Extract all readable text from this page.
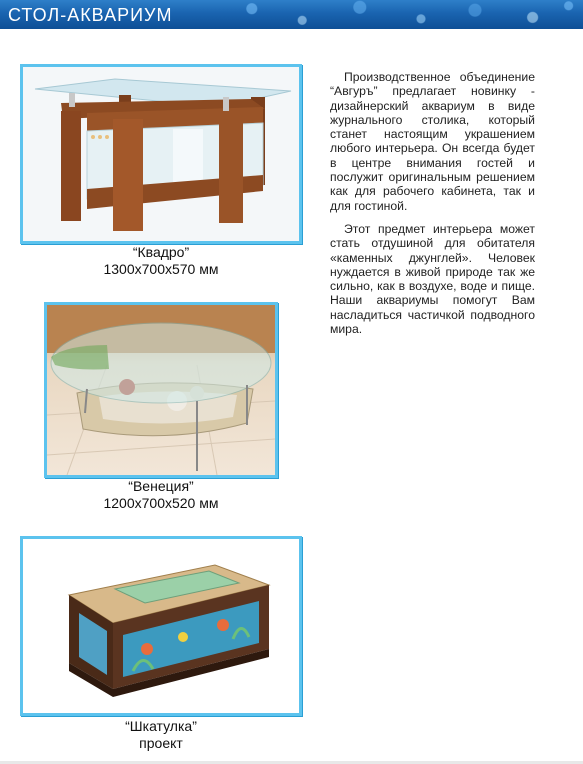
СТОЛ-АКВАРИУМ
“Квадро”
1300х700х570 мм
“Венеция”
1200х700х520 мм
“Шкатулка”
проект

Производственное объединение “Авгуръ” предлагает новинку - дизайнерский аквариум в виде журнального столика, который станет настоящим украшением любого интерьера. Он всегда будет в центре внимания гостей и послужит оригинальным решением как для рабочего кабинета, так и для гостиной.

Этот предмет интерьера может стать отдушиной для обитателя «каменных джунглей». Человек нуждается в живой природе так же сильно, как в воздухе, воде и пище. Наши аквариумы помогут Вам насладиться частичкой подводного мира.
